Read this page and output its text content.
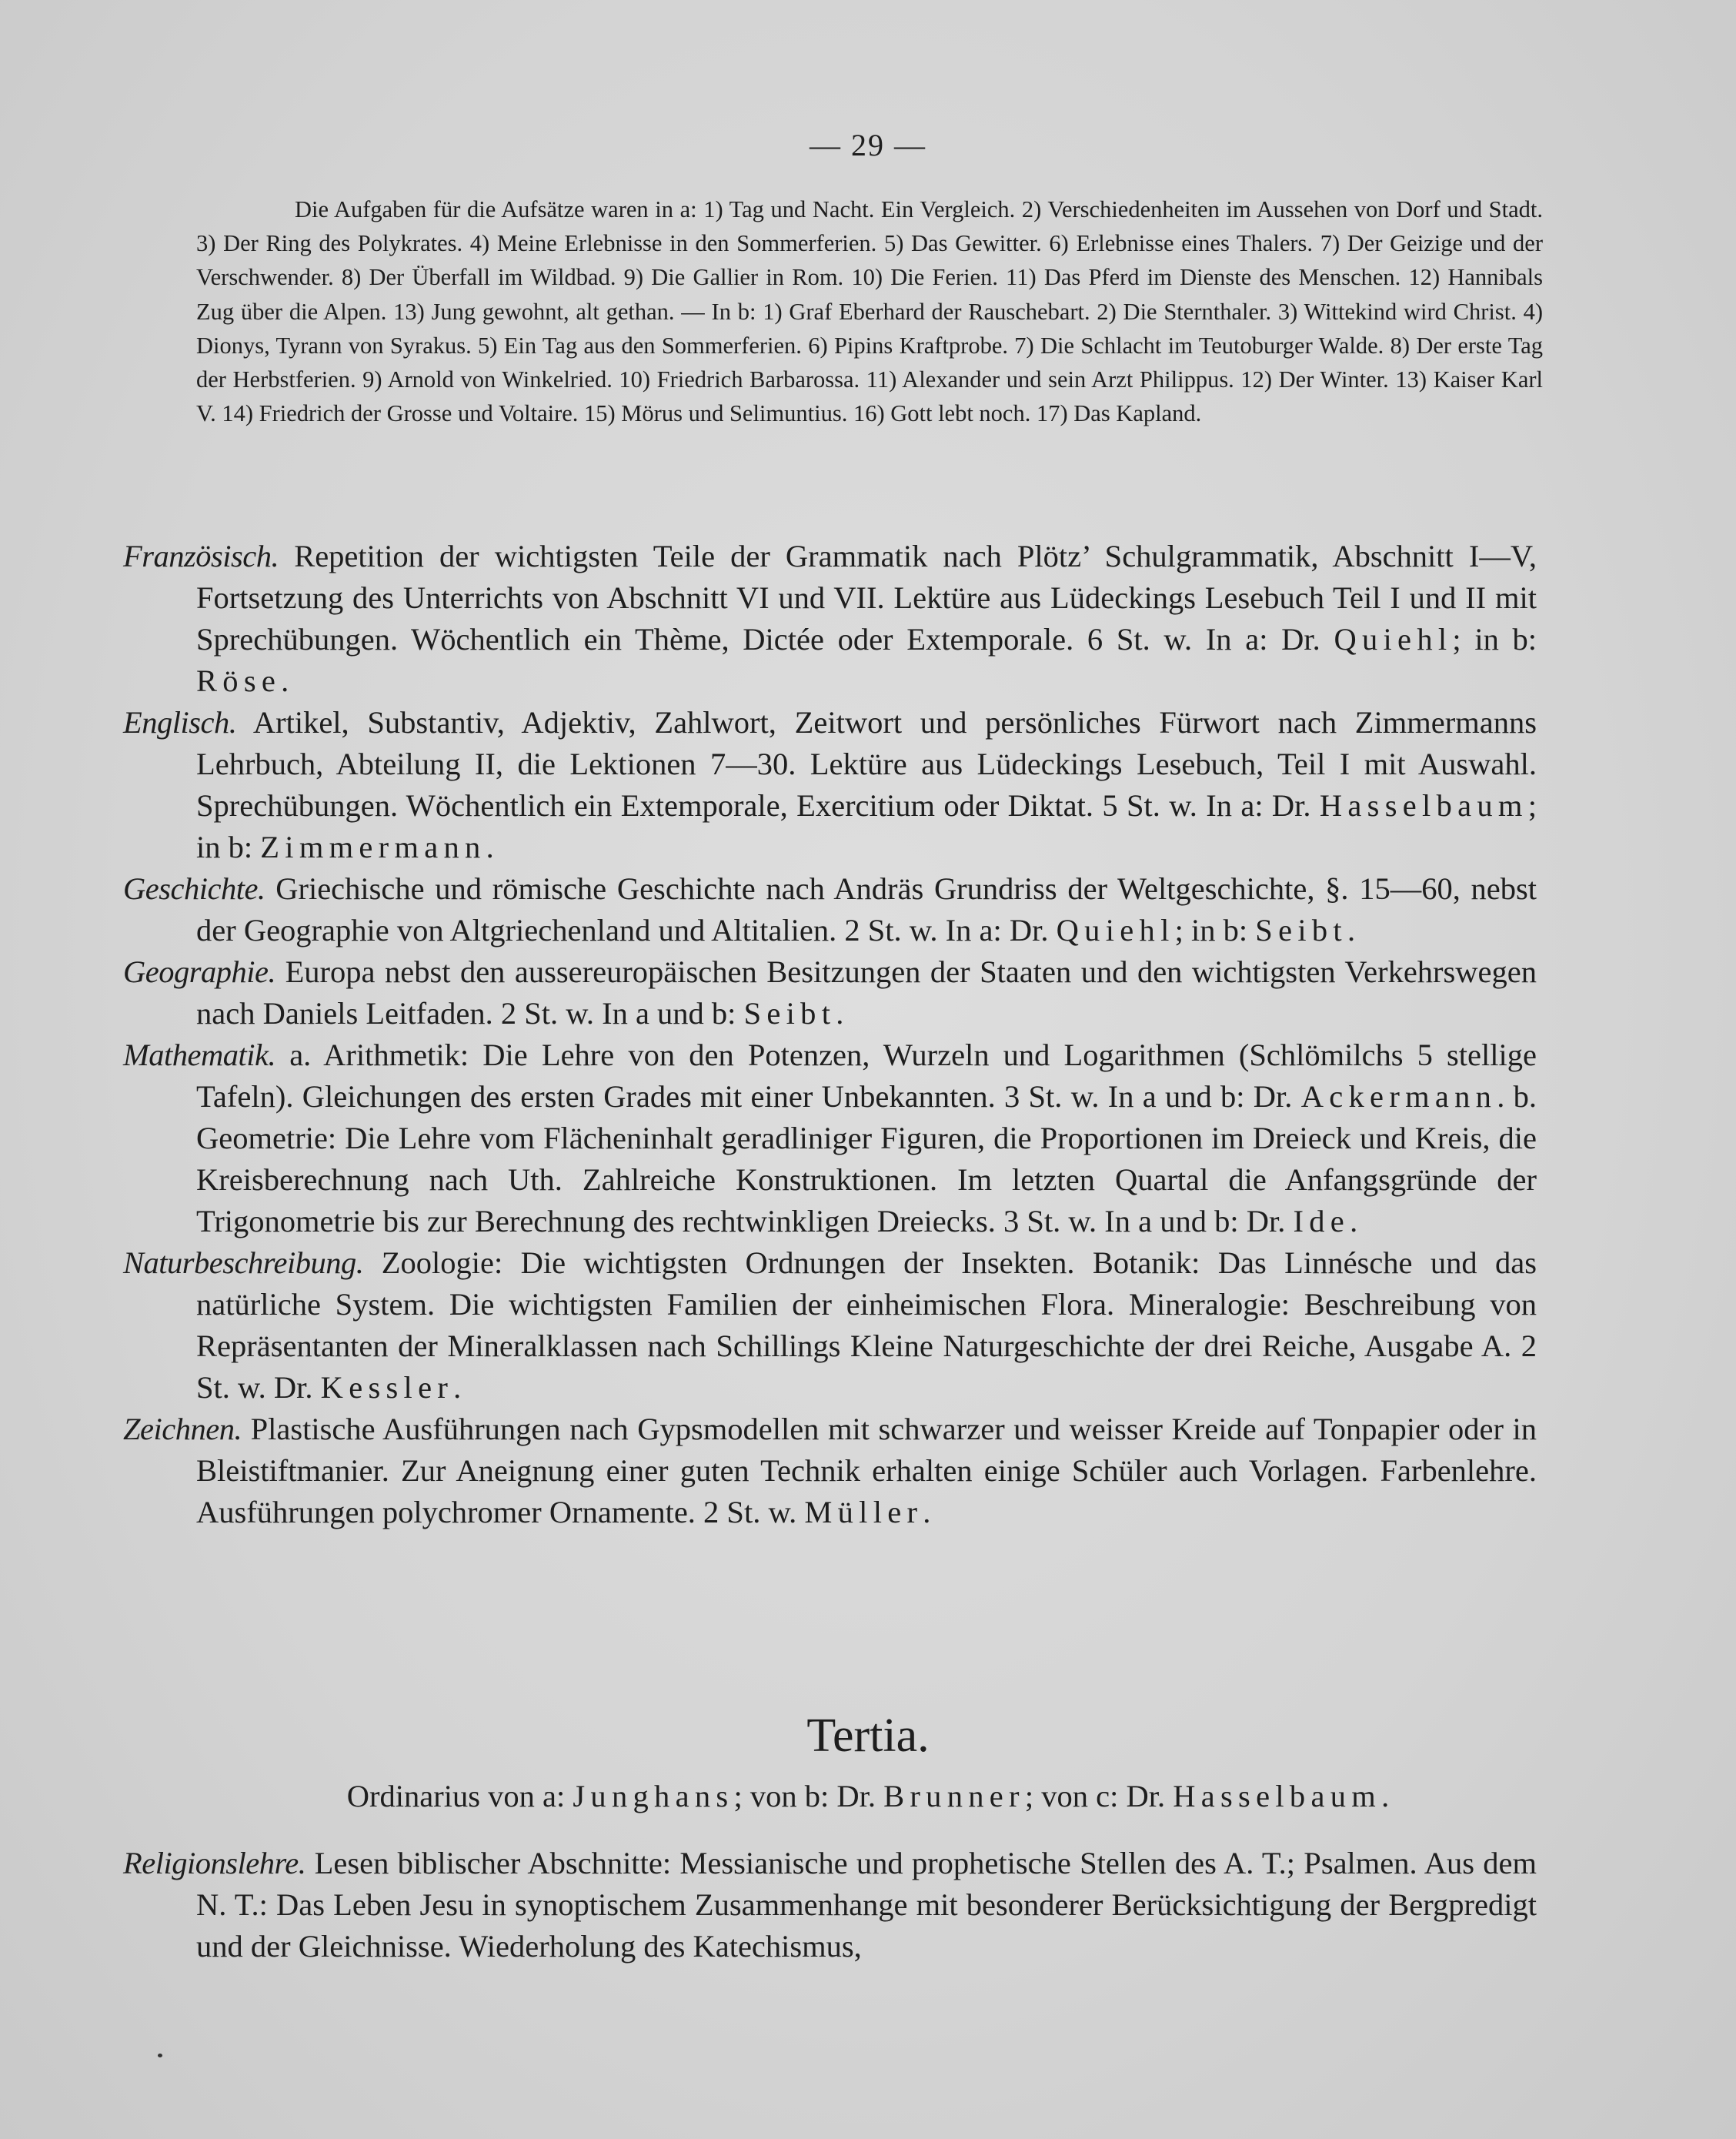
— 29 —
Die Aufgaben für die Aufsätze waren in a: 1) Tag und Nacht. Ein Vergleich. 2) Verschiedenheiten im Aussehen von Dorf und Stadt. 3) Der Ring des Polykrates. 4) Meine Erlebnisse in den Sommerferien. 5) Das Gewitter. 6) Erlebnisse eines Thalers. 7) Der Geizige und der Verschwender. 8) Der Überfall im Wildbad. 9) Die Gallier in Rom. 10) Die Ferien. 11) Das Pferd im Dienste des Menschen. 12) Hannibals Zug über die Alpen. 13) Jung gewohnt, alt gethan. — In b: 1) Graf Eberhard der Rauschebart. 2) Die Sternthaler. 3) Wittekind wird Christ. 4) Dionys, Tyrann von Syrakus. 5) Ein Tag aus den Sommerferien. 6) Pipins Kraftprobe. 7) Die Schlacht im Teutoburger Walde. 8) Der erste Tag der Herbstferien. 9) Arnold von Winkelried. 10) Friedrich Barbarossa. 11) Alexander und sein Arzt Philippus. 12) Der Winter. 13) Kaiser Karl V. 14) Friedrich der Grosse und Voltaire. 15) Mörus und Selimuntius. 16) Gott lebt noch. 17) Das Kapland.

Französisch. Repetition der wichtigsten Teile der Grammatik nach Plötz’ Schulgrammatik, Abschnitt I—V, Fortsetzung des Unterrichts von Abschnitt VI und VII. Lektüre aus Lüdeckings Lesebuch Teil I und II mit Sprechübungen. Wöchentlich ein Thème, Dictée oder Extemporale. 6 St. w. In a: Dr. Quiehl; in b: Röse.

Englisch. Artikel, Substantiv, Adjektiv, Zahlwort, Zeitwort und persönliches Fürwort nach Zimmermanns Lehrbuch, Abteilung II, die Lektionen 7—30. Lektüre aus Lüdeckings Lesebuch, Teil I mit Auswahl. Sprechübungen. Wöchentlich ein Extemporale, Exercitium oder Diktat. 5 St. w. In a: Dr. Hasselbaum; in b: Zimmermann.

Geschichte. Griechische und römische Geschichte nach Andräs Grundriss der Weltgeschichte, §. 15—60, nebst der Geographie von Altgriechenland und Altitalien. 2 St. w. In a: Dr. Quiehl; in b: Seibt.

Geographie. Europa nebst den aussereuropäischen Besitzungen der Staaten und den wichtigsten Verkehrswegen nach Daniels Leitfaden. 2 St. w. In a und b: Seibt.

Mathematik. a. Arithmetik: Die Lehre von den Potenzen, Wurzeln und Logarithmen (Schlömilchs 5 stellige Tafeln). Gleichungen des ersten Grades mit einer Unbekannten. 3 St. w. In a und b: Dr. Ackermann. b. Geometrie: Die Lehre vom Flächeninhalt geradliniger Figuren, die Proportionen im Dreieck und Kreis, die Kreisberechnung nach Uth. Zahlreiche Konstruktionen. Im letzten Quartal die Anfangsgründe der Trigonometrie bis zur Berechnung des rechtwinkligen Dreiecks. 3 St. w. In a und b: Dr. Ide.

Naturbeschreibung. Zoologie: Die wichtigsten Ordnungen der Insekten. Botanik: Das Linnésche und das natürliche System. Die wichtigsten Familien der einheimischen Flora. Mineralogie: Beschreibung von Repräsentanten der Mineralklassen nach Schillings Kleine Naturgeschichte der drei Reiche, Ausgabe A. 2 St. w. Dr. Kessler.

Zeichnen. Plastische Ausführungen nach Gypsmodellen mit schwarzer und weisser Kreide auf Tonpapier oder in Bleistiftmanier. Zur Aneignung einer guten Technik erhalten einige Schüler auch Vorlagen. Farbenlehre. Ausführungen polychromer Ornamente. 2 St. w. Müller.

Tertia.
Ordinarius von a: Junghans; von b: Dr. Brunner; von c: Dr. Hasselbaum.

Religionslehre. Lesen biblischer Abschnitte: Messianische und prophetische Stellen des A. T.; Psalmen. Aus dem N. T.: Das Leben Jesu in synoptischem Zusammenhange mit besonderer Berücksichtigung der Bergpredigt und der Gleichnisse. Wiederholung des Katechismus,
